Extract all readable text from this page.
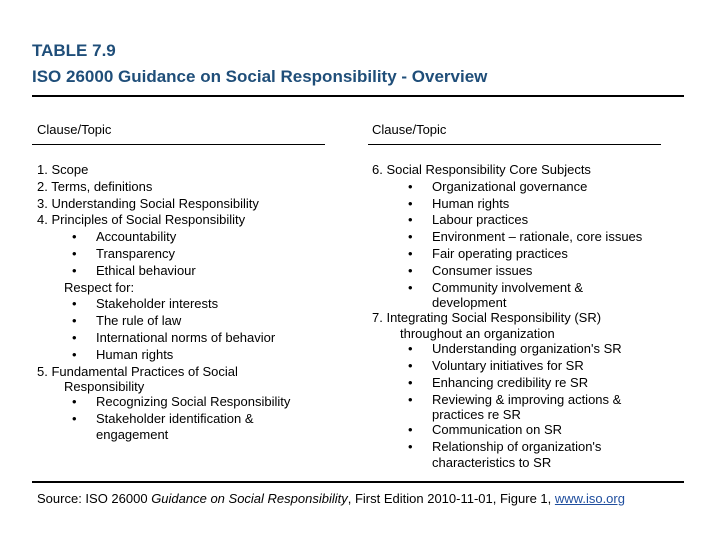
TABLE 7.9
ISO 26000 Guidance on Social Responsibility - Overview
Clause/Topic
1. Scope
2. Terms, definitions
3. Understanding Social Responsibility
4. Principles of Social Responsibility
• Accountability
• Transparency
• Ethical behaviour
Respect for:
• Stakeholder interests
• The rule of law
• International norms of behavior
• Human rights
5. Fundamental Practices of Social
Responsibility
• Recognizing Social Responsibility
• Stakeholder identification &
engagement
Clause/Topic
6. Social Responsibility Core Subjects
• Organizational governance
• Human rights
• Labour practices
• Environment – rationale, core issues
• Fair operating practices
• Consumer issues
• Community involvement &
development
7. Integrating Social Responsibility (SR)
throughout an organization
• Understanding organization's SR
• Voluntary initiatives for SR
• Enhancing credibility re SR
• Reviewing & improving actions &
practices re SR
• Communication on SR
• Relationship of organization's
characteristics to SR
Source: ISO 26000 Guidance on Social Responsibility, First Edition 2010-11-01, Figure 1, www.iso.org
